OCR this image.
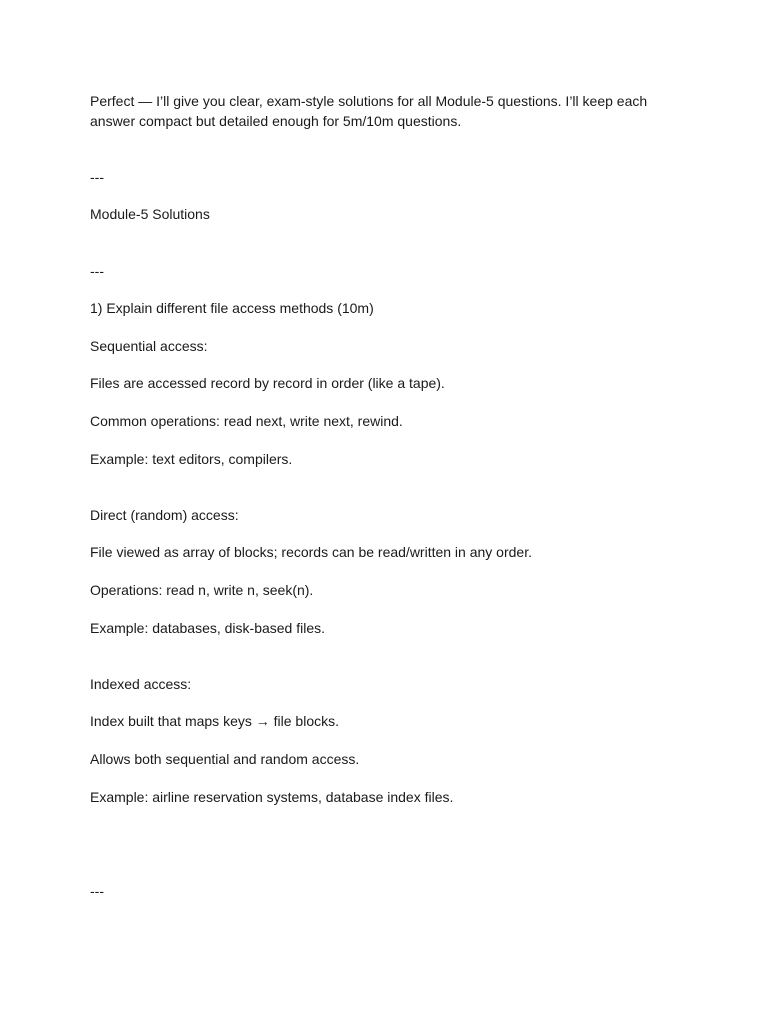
Perfect — I’ll give you clear, exam-style solutions for all Module-5 questions. I’ll keep each answer compact but detailed enough for 5m/10m questions.
---
Module-5 Solutions
---
1) Explain different file access methods (10m)
Sequential access:
Files are accessed record by record in order (like a tape).
Common operations: read next, write next, rewind.
Example: text editors, compilers.
Direct (random) access:
File viewed as array of blocks; records can be read/written in any order.
Operations: read n, write n, seek(n).
Example: databases, disk-based files.
Indexed access:
Index built that maps keys → file blocks.
Allows both sequential and random access.
Example: airline reservation systems, database index files.
---
